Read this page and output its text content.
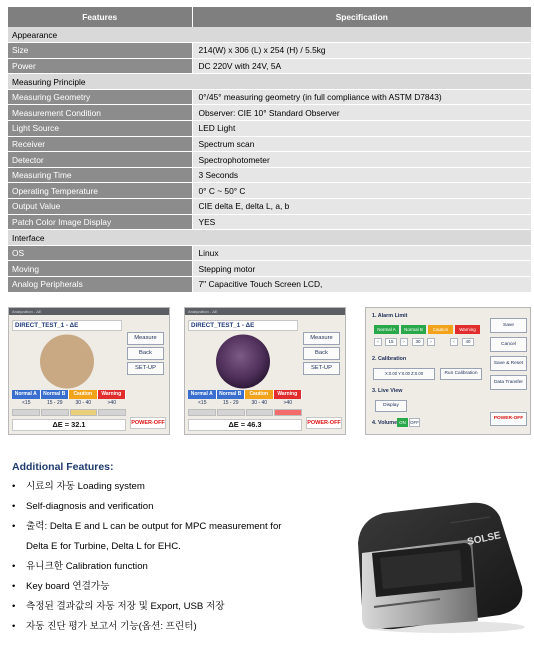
Features	Specification
Appearance	
Size	214(W) x 306 (L) x 254 (H) / 5.5kg
Power	DC 220V with 24V, 5A
Measuring Principle	
Measuring Geometry	0°/45° measuring geometry (in full compliance with ASTM D7843)
Measurement Condition	Observer: CIE 10° Standard Observer
Light Source	LED Light
Receiver	Spectrum scan
Detector	Spectrophotometer
Measuring Time	3 Seconds
Operating Temperature	0° C ~ 50° C
Output Value	CIE delta E, delta L, a, b
Patch Color Image Display	YES
Interface	
OS	Linux
Moving	Stepping motor
Analog Peripherals	7" Capacitive Touch Screen LCD,
Analyzation - ΔE
DIRECT_TEST_1 - ΔE
Measure
Back
SET-UP
Normal A	Normal B	Caution	Warning
<15	15 - 29	30 - 40	>40
ΔE = 32.1	POWER-OFF
Analyzation - ΔE
DIRECT_TEST_1 - ΔE
Measure
Back
SET-UP
Normal A	Normal B	Caution	Warning
<15	15 - 29	30 - 40	>40
ΔE = 46.3	POWER-OFF
1. Alarm Limit
Normal A	Normal B	Caution	Warning
‹	15	›	30	›	‹	40
2. Calibration
X:0.00 Y:0.00 Z:0.00	Run Calibration
3. Live View
Display
4. Volume ON OFF
Save
Cancel
Save & Reset
Data Transfer
POWER-OFF
Additional Features:
• 시료의 자동 Loading system
• Self-diagnosis and verification
• 출력: Delta E and L can be output for MPC measurement for
Delta E for Turbine, Delta L for EHC.
• 유니크한 Calibration function
• Key board 연결가능
• 측정된 결과값의 자동 저장 및 Export, USB 저장
• 자동 진단 평가 보고서 기능(옵션: 프린터)
SOLSE
